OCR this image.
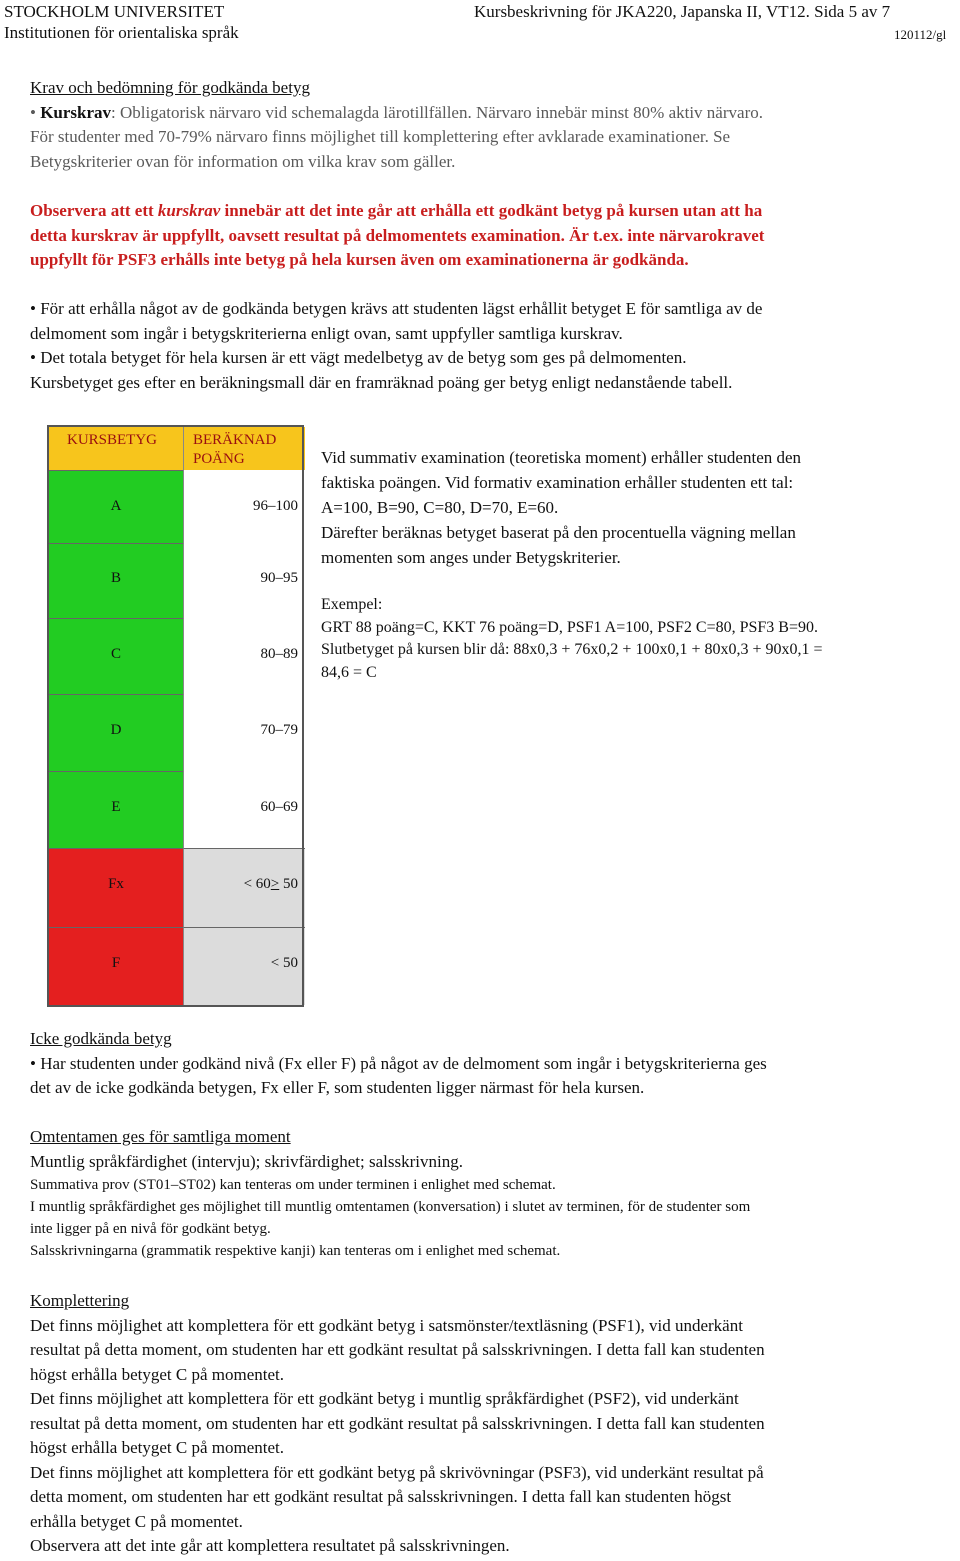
STOCKHOLM UNIVERSITET
Institutionen för orientaliska språk
Kursbeskrivning för JKA220, Japanska II, VT12. Sida 5 av 7
120112/gl

Krav och bedömning för godkända betyg

• Kurskrav: Obligatorisk närvaro vid schemalagda lärotillfällen. Närvaro innebär minst 80% aktiv närvaro.

För studenter med 70-79% närvaro finns möjlighet till komplettering efter avklarade examinationer. Se

Betygskriterier ovan för information om vilka krav som gäller.

Observera att ett kurskrav innebär att det inte går att erhålla ett godkänt betyg på kursen utan att ha

detta kurskrav är uppfyllt, oavsett resultat på delmomentets examination. Är t.ex. inte närvarokravet

uppfyllt för PSF3 erhålls inte betyg på hela kursen även om examinationerna är godkända.

• För att erhålla något av de godkända betygen krävs att studenten lägst erhållit betyget E för samtliga av de

delmoment som ingår i betygskriterierna enligt ovan, samt uppfyller samtliga kurskrav.

• Det totala betyget för hela kursen är ett vägt medelbetyg av de betyg som ges på delmomenten.

Kursbetyget ges efter en beräkningsmall där en framräknad poäng ger betyg enligt nedanstående tabell.

KURSBETYG BERÄKNAD
POÄNG
A	96–100
B	90–95
C	80–89
D	70–79
E	60–69
Fx	< 60> 50
F	< 50

Vid summativ examination (teoretiska moment) erhåller studenten den

faktiska poängen. Vid formativ examination erhåller studenten ett tal:

A=100, B=90, C=80, D=70, E=60.

Därefter beräknas betyget baserat på den procentuella vägning mellan

momenten som anges under Betygskriterier.

Exempel:

GRT 88 poäng=C, KKT 76 poäng=D, PSF1 A=100, PSF2 C=80, PSF3 B=90.

Slutbetyget på kursen blir då: 88x0,3 + 76x0,2 + 100x0,1 + 80x0,3 + 90x0,1 =

84,6 = C

Icke godkända betyg

• Har studenten under godkänd nivå (Fx eller F) på något av de delmoment som ingår i betygskriterierna ges

det av de icke godkända betygen, Fx eller F, som studenten ligger närmast för hela kursen.

Omtentamen ges för samtliga moment

Muntlig språkfärdighet (intervju); skrivfärdighet; salsskrivning.

Summativa prov (ST01–ST02) kan tenteras om under terminen i enlighet med schemat.

I muntlig språkfärdighet ges möjlighet till muntlig omtentamen (konversation) i slutet av terminen, för de studenter som

inte ligger på en nivå för godkänt betyg.

Salsskrivningarna (grammatik respektive kanji) kan tenteras om i enlighet med schemat.

Komplettering

Det finns möjlighet att komplettera för ett godkänt betyg i satsmönster/textläsning (PSF1), vid underkänt

resultat på detta moment, om studenten har ett godkänt resultat på salsskrivningen. I detta fall kan studenten

högst erhålla betyget C på momentet.

Det finns möjlighet att komplettera för ett godkänt betyg i muntlig språkfärdighet (PSF2), vid underkänt

resultat på detta moment, om studenten har ett godkänt resultat på salsskrivningen. I detta fall kan studenten

högst erhålla betyget C på momentet.

Det finns möjlighet att komplettera för ett godkänt betyg på skrivövningar (PSF3), vid underkänt resultat på

detta moment, om studenten har ett godkänt resultat på salsskrivningen. I detta fall kan studenten högst

erhålla betyget C på momentet.

Observera att det inte går att komplettera resultatet på salsskrivningen.
